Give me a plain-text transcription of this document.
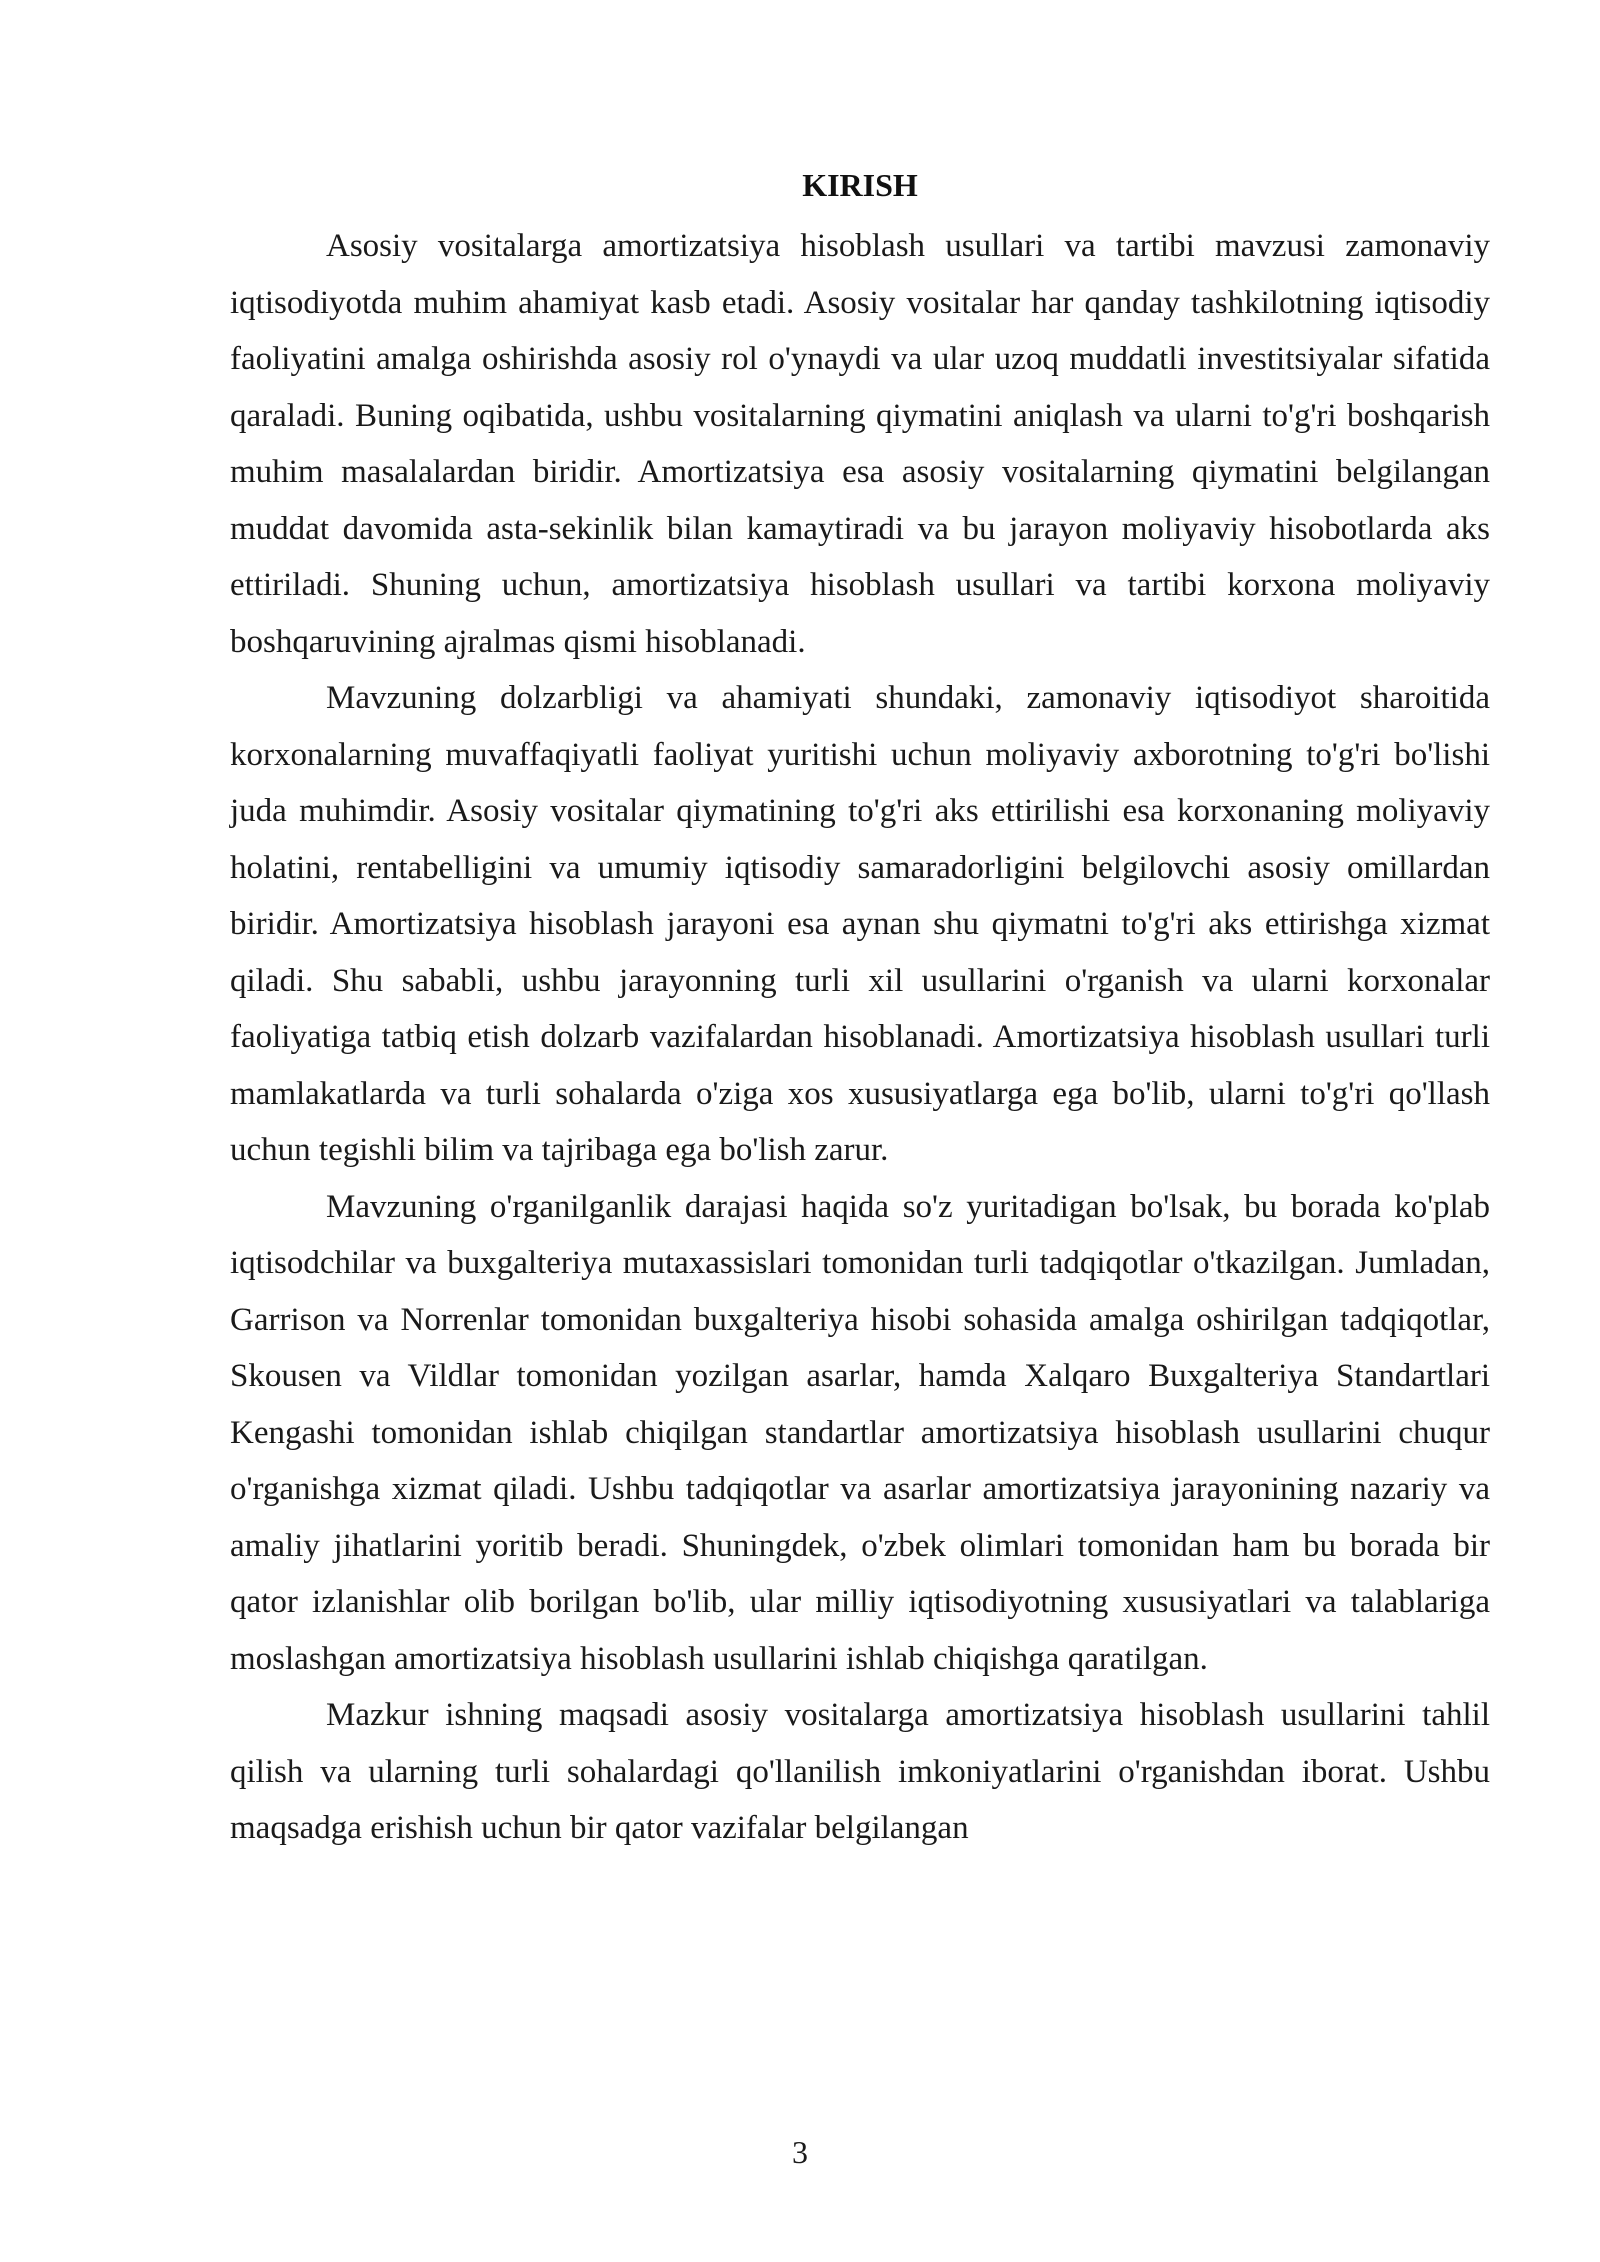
KIRISH

Asosiy vositalarga amortizatsiya hisoblash usullari va tartibi mavzusi zamonaviy iqtisodiyotda muhim ahamiyat kasb etadi. Asosiy vositalar har qanday tashkilotning iqtisodiy faoliyatini amalga oshirishda asosiy rol o'ynaydi va ular uzoq muddatli investitsiyalar sifatida qaraladi. Buning oqibatida, ushbu vositalarning qiymatini aniqlash va ularni to'g'ri boshqarish muhim masalalardan biridir. Amortizatsiya esa asosiy vositalarning qiymatini belgilangan muddat davomida asta-sekinlik bilan kamaytiradi va bu jarayon moliyaviy hisobotlarda aks ettiriladi. Shuning uchun, amortizatsiya hisoblash usullari va tartibi korxona moliyaviy boshqaruvining ajralmas qismi hisoblanadi.

Mavzuning dolzarbligi va ahamiyati shundaki, zamonaviy iqtisodiyot sharoitida korxonalarning muvaffaqiyatli faoliyat yuritishi uchun moliyaviy axborotning to'g'ri bo'lishi juda muhimdir. Asosiy vositalar qiymatining to'g'ri aks ettirilishi esa korxonaning moliyaviy holatini, rentabelligini va umumiy iqtisodiy samaradorligini belgilovchi asosiy omillardan biridir. Amortizatsiya hisoblash jarayoni esa aynan shu qiymatni to'g'ri aks ettirishga xizmat qiladi. Shu sababli, ushbu jarayonning turli xil usullarini o'rganish va ularni korxonalar faoliyatiga tatbiq etish dolzarb vazifalardan hisoblanadi. Amortizatsiya hisoblash usullari turli mamlakatlarda va turli sohalarda o'ziga xos xususiyatlarga ega bo'lib, ularni to'g'ri qo'llash uchun tegishli bilim va tajribaga ega bo'lish zarur.

Mavzuning o'rganilganlik darajasi haqida so'z yuritadigan bo'lsak, bu borada ko'plab iqtisodchilar va buxgalteriya mutaxassislari tomonidan turli tadqiqotlar o'tkazilgan. Jumladan, Garrison va Norrenlar tomonidan buxgalteriya hisobi sohasida amalga oshirilgan tadqiqotlar, Skousen va Vildlar tomonidan yozilgan asarlar, hamda Xalqaro Buxgalteriya Standartlari Kengashi tomonidan ishlab chiqilgan standartlar amortizatsiya hisoblash usullarini chuqur o'rganishga xizmat qiladi. Ushbu tadqiqotlar va asarlar amortizatsiya jarayonining nazariy va amaliy jihatlarini yoritib beradi. Shuningdek, o'zbek olimlari tomonidan ham bu borada bir qator izlanishlar olib borilgan bo'lib, ular milliy iqtisodiyotning xususiyatlari va talablariga moslashgan amortizatsiya hisoblash usullarini ishlab chiqishga qaratilgan.

Mazkur ishning maqsadi asosiy vositalarga amortizatsiya hisoblash usullarini tahlil qilish va ularning turli sohalardagi qo'llanilish imkoniyatlarini o'rganishdan iborat. Ushbu maqsadga erishish uchun bir qator vazifalar belgilangan

3
